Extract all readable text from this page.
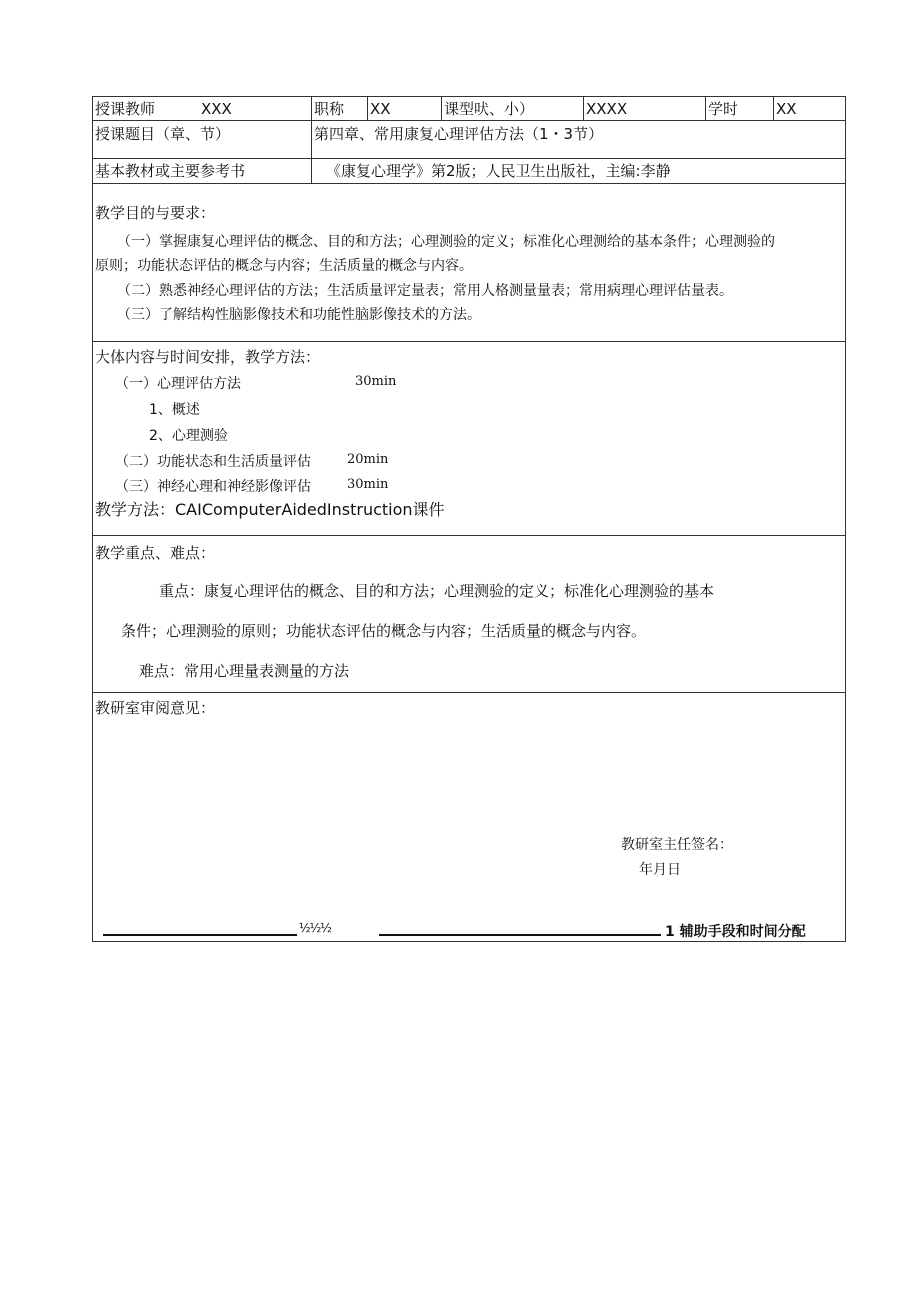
授课教师	XXX	职称	XX	课型吠、小）	XXXX	学时	XX
授课题目（章、节）	第四章、常用康复心理评估方法（1・3节）
基本教材或主要参考书	《康复心理学》第2版；人民卫生出版社，主编:李静
教学目的与要求：
（一）掌握康复心理评估的概念、目的和方法；心理测验的定义；标准化心理测给的基本条件；心理测验的
原则；功能状态评估的概念与内容；生活质量的概念与内容。
（二）熟悉神经心理评估的方法；生活质量评定量表；常用人格测量量表；常用病理心理评估量表。
（三）了解结构性脑影像技术和功能性脑影像技术的方法。
大体内容与时间安排，教学方法：
（一）心理评估方法	30min
1、概述
2、心理测验
（二）功能状态和生活质量评估	20min
（三）神经心理和神经影像评估	30min
教学方法：CAIComputerAidedInstruction课件
教学重点、难点：
重点：康复心理评估的概念、目的和方法；心理测验的定义；标准化心理测验的基本
条件；心理测验的原则；功能状态评估的概念与内容；生活质量的概念与内容。
难点：常用心理量表测量的方法
教研室审阅意见：
教研室主任签名：
年月日
½½½	1 辅助手段和时间分配
